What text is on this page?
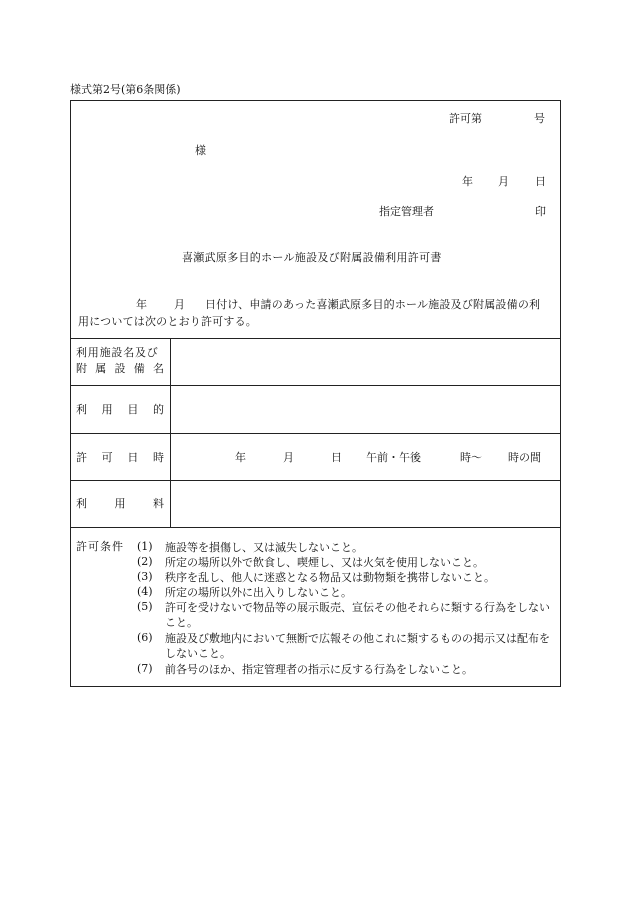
様式第2号(第6条関係)
許可第	号
様
年 月 日
指定管理者	印
喜瀬武原多目的ホール施設及び附属設備利用許可書
年 月 日付け、申請のあった喜瀬武原多目的ホール施設及び附属設備の利
用については次のとおり許可する。
利用施設名及び
附 属 設 備 名
利 用 目 的
許 可 日 時	年	月	日 午前・午後	時～ 時の間
利	用	料
許可条件 (1) 施設等を損傷し、又は滅失しないこと。
(2) 所定の場所以外で飲食し、喫煙し、又は火気を使用しないこと。
(3) 秩序を乱し、他人に迷惑となる物品又は動物類を携帯しないこと。
(4) 所定の場所以外に出入りしないこと。
(5) 許可を受けないで物品等の展示販売、宣伝その他それらに類する行為をしないこと。
(6) 施設及び敷地内において無断で広報その他これに類するものの掲示又は配布をしないこと。
(7) 前各号のほか、指定管理者の指示に反する行為をしないこと。
